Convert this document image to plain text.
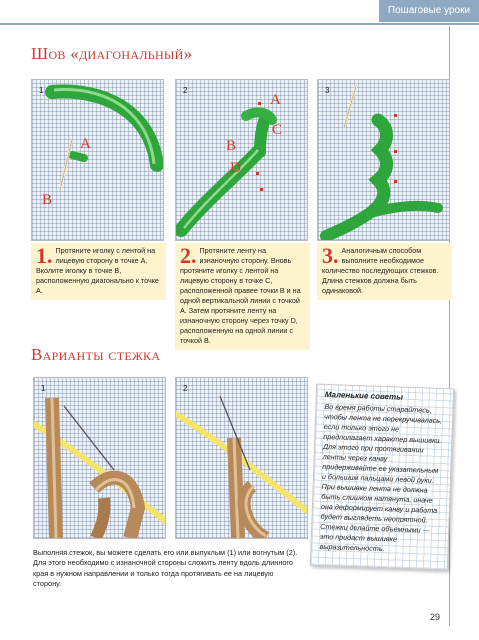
Пошаговые уроки
Шов «диагональный»
1
A
B
2
A
C
B
D
3
1. Протяните иголку с лентой на лицевую сторону в точке А. Вколите иголку в точке В, расположенную диагонально к точке А.
2. Протяните ленту на изнаночную сторону. Вновь протяните иголку с лентой на лицевую сторону в точке С, расположенной правее точки В и на одной вертикальной линии с точкой А. Затем протяните ленту на изнаночную сторону через точку D, расположенную на одной линии с точкой В.
3. Аналогичным способом выполните необходимое количество последующих стежков. Длина стежков должна быть одинаковой.
Варианты стежка
1	2
Выполняя стежок, вы можете сделать его или выпуклым (1) или вогнутым (2). Для этого необходимо с изнаночной стороны сложить ленту вдоль длинного края в нужном направлении и только тогда протягивать ее на лицевую сторону.
Маленькие советы

Во время работы старайтесь, чтобы лента не перекручивалась, если только этого не предполагает характер вышивки. Для этого при протягивании ленты через канву придерживайте ее указательным и большим пальцами левой руки.

При вышивке лента не должна быть слишком натянута, иначе она деформирует канву и работа будет выглядеть неопрятной. Стежки делайте объемными — это придаст вышивке выразительность.

29
